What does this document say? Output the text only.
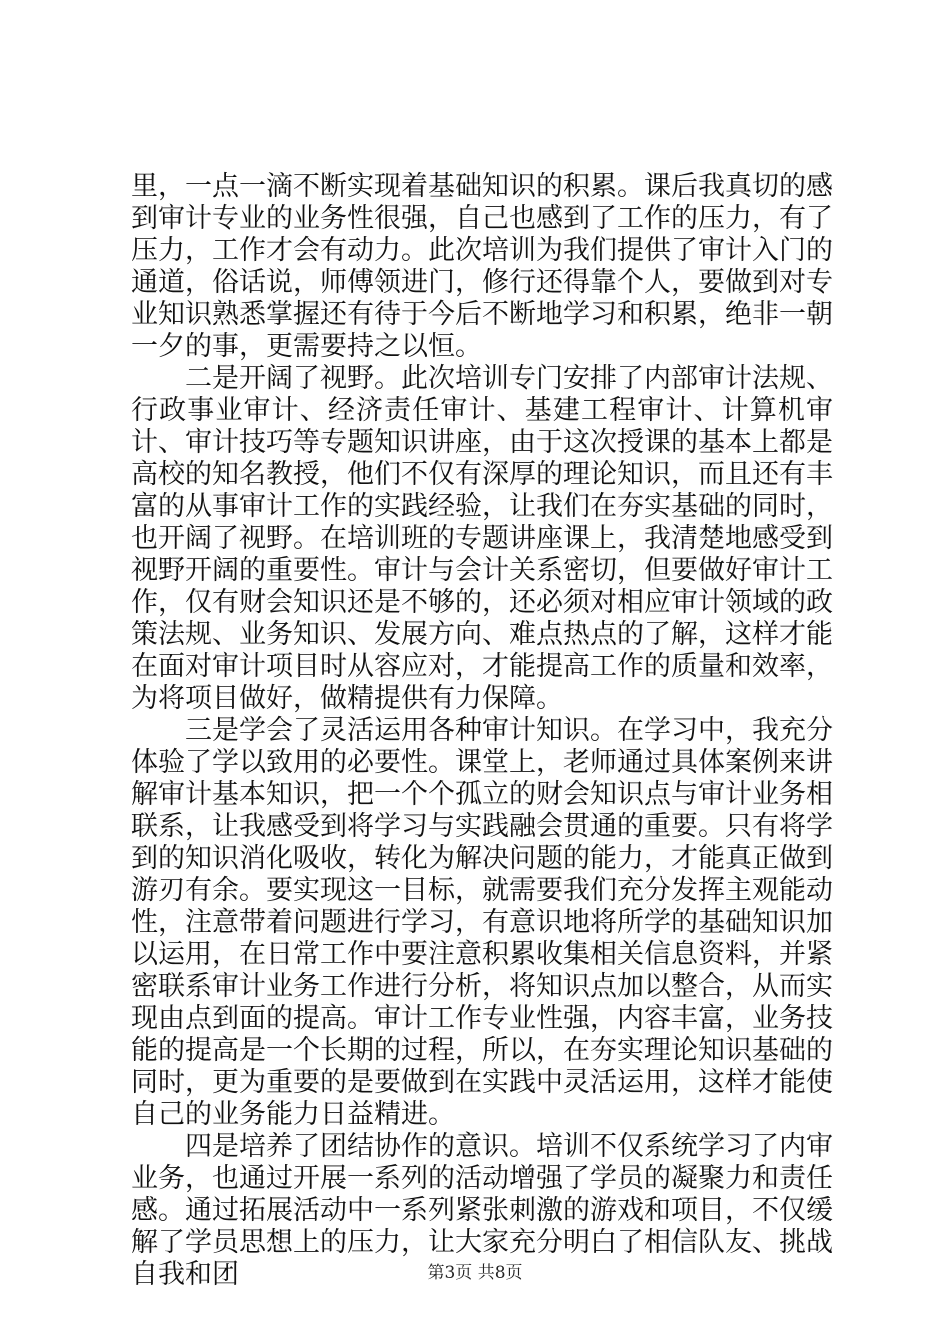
里，一点一滴不断实现着基础知识的积累。课后我真切的感到审计专业的业务性很强，自己也感到了工作的压力，有了压力，工作才会有动力。此次培训为我们提供了审计入门的通道，俗话说，师傅领进门，修行还得靠个人，要做到对专业知识熟悉掌握还有待于今后不断地学习和积累，绝非一朝一夕的事，更需要持之以恒。

二是开阔了视野。此次培训专门安排了内部审计法规、行政事业审计、经济责任审计、基建工程审计、计算机审计、审计技巧等专题知识讲座，由于这次授课的基本上都是高校的知名教授，他们不仅有深厚的理论知识，而且还有丰富的从事审计工作的实践经验，让我们在夯实基础的同时，也开阔了视野。在培训班的专题讲座课上，我清楚地感受到视野开阔的重要性。审计与会计关系密切，但要做好审计工作，仅有财会知识还是不够的，还必须对相应审计领域的政策法规、业务知识、发展方向、难点热点的了解，这样才能在面对审计项目时从容应对，才能提高工作的质量和效率，为将项目做好，做精提供有力保障。

三是学会了灵活运用各种审计知识。在学习中，我充分体验了学以致用的必要性。课堂上，老师通过具体案例来讲解审计基本知识，把一个个孤立的财会知识点与审计业务相联系，让我感受到将学习与实践融会贯通的重要。只有将学到的知识消化吸收，转化为解决问题的能力，才能真正做到游刃有余。要实现这一目标，就需要我们充分发挥主观能动性，注意带着问题进行学习，有意识地将所学的基础知识加以运用，在日常工作中要注意积累收集相关信息资料，并紧密联系审计业务工作进行分析，将知识点加以整合，从而实现由点到面的提高。审计工作专业性强，内容丰富，业务技能的提高是一个长期的过程，所以，在夯实理论知识基础的同时，更为重要的是要做到在实践中灵活运用，这样才能使自己的业务能力日益精进。

四是培养了团结协作的意识。培训不仅系统学习了内审业务，也通过开展一系列的活动增强了学员的凝聚力和责任感。通过拓展活动中一系列紧张刺激的游戏和项目，不仅缓解了学员思想上的压力，让大家充分明白了相信队友、挑战自我和团	第3页 共8页
